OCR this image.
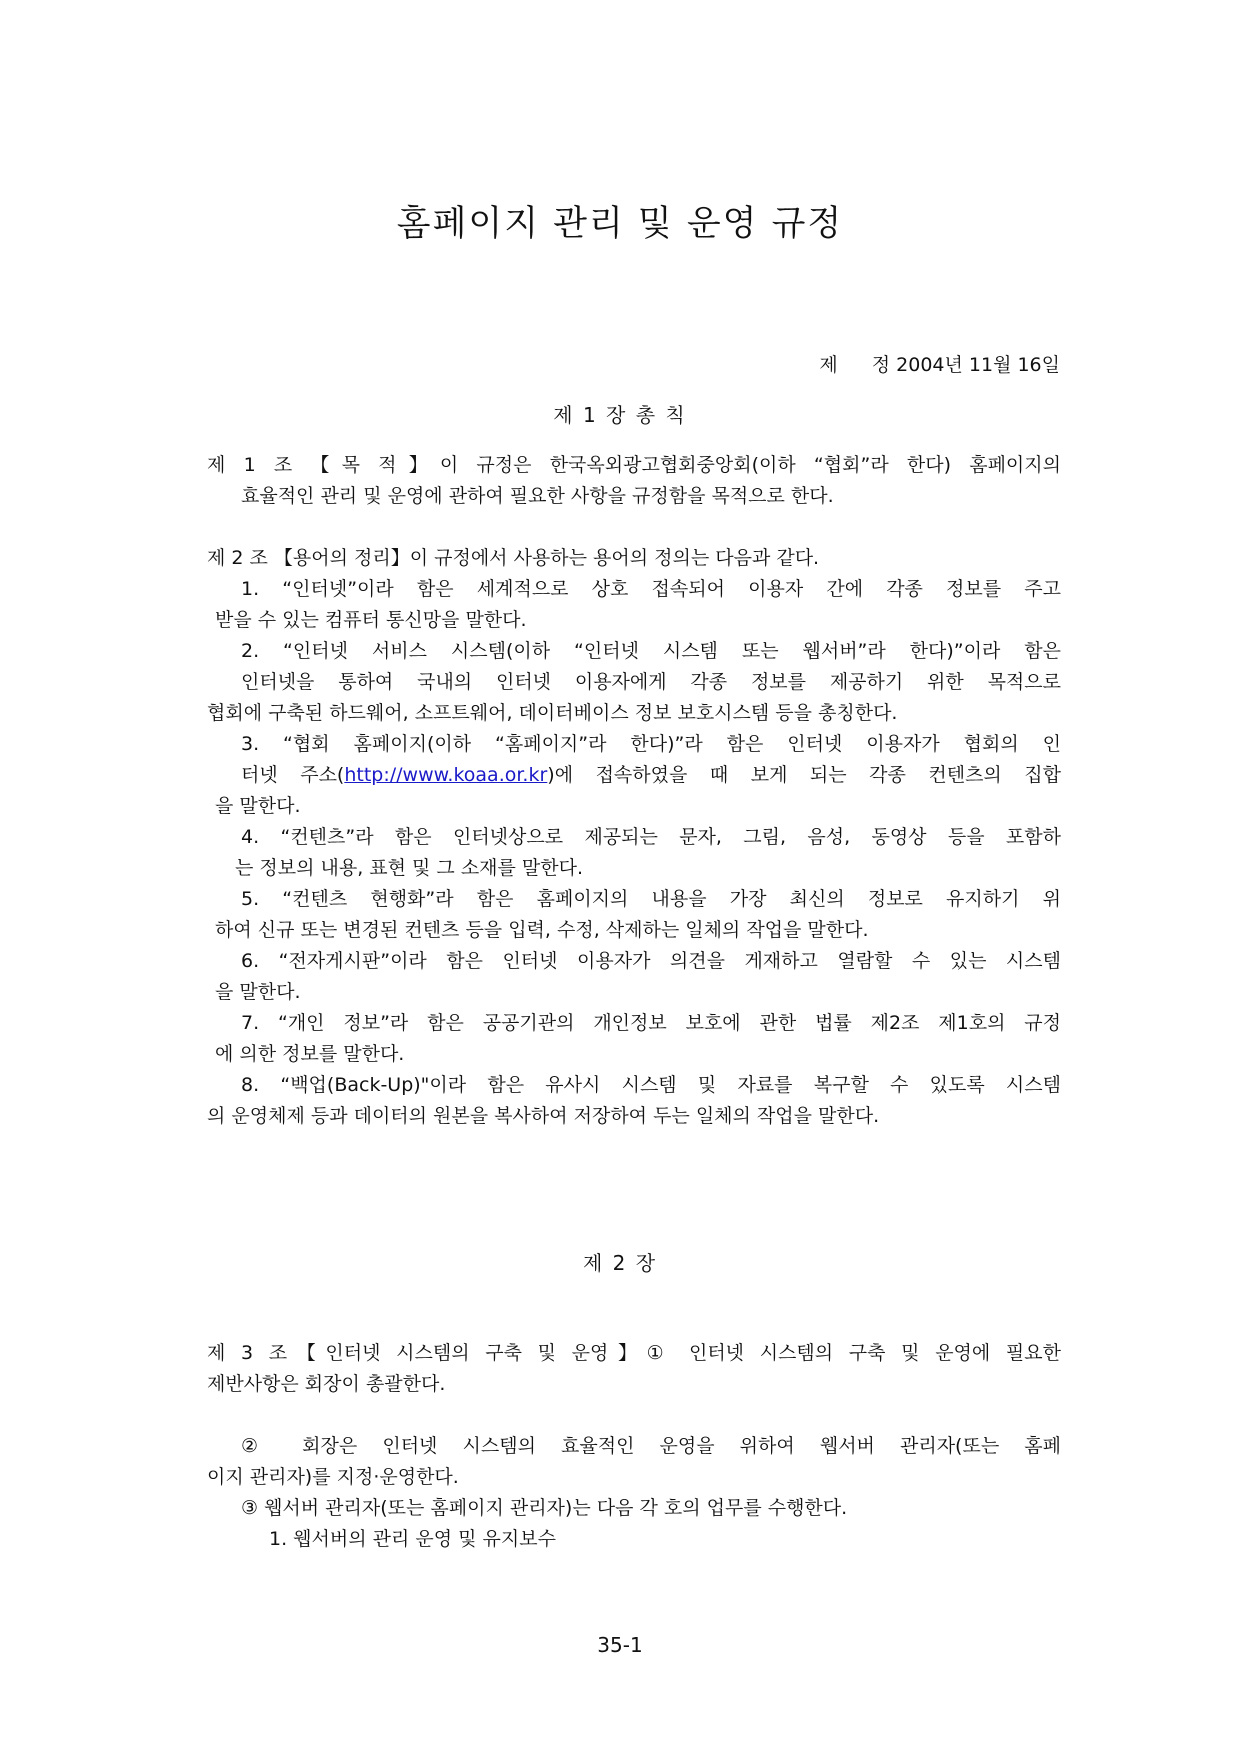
홈페이지 관리 및 운영 규정
제 정 2004년 11월 16일
제 1 장 총 칙
제 1 조 【목 적】이 규정은 한국옥외광고협회중앙회(이하 “협회”라 한다) 홈페이지의
효율적인 관리 및 운영에 관하여 필요한 사항을 규정함을 목적으로 한다.
제 2 조 【용어의 정리】이 규정에서 사용하는 용어의 정의는 다음과 같다.
1. “인터넷”이라 함은 세계적으로 상호 접속되어 이용자 간에 각종 정보를 주고
받을 수 있는 컴퓨터 통신망을 말한다.
2. “인터넷 서비스 시스템(이하 “인터넷 시스템 또는 웹서버”라 한다)”이라 함은
인터넷을 통하여 국내의 인터넷 이용자에게 각종 정보를 제공하기 위한 목적으로
협회에 구축된 하드웨어, 소프트웨어, 데이터베이스 정보 보호시스템 등을 총칭한다.
3. “협회 홈페이지(이하 “홈페이지”라 한다)”라 함은 인터넷 이용자가 협회의 인
터넷 주소(http://www.koaa.or.kr)에 접속하였을 때 보게 되는 각종 컨텐츠의 집합
을 말한다.
4. “컨텐츠”라 함은 인터넷상으로 제공되는 문자, 그림, 음성, 동영상 등을 포함하
는 정보의 내용, 표현 및 그 소재를 말한다.
5. “컨텐츠 현행화”라 함은 홈페이지의 내용을 가장 최신의 정보로 유지하기 위
하여 신규 또는 변경된 컨텐츠 등을 입력, 수정, 삭제하는 일체의 작업을 말한다.
6. “전자게시판”이라 함은 인터넷 이용자가 의견을 게재하고 열람할 수 있는 시스템
을 말한다.
7. “개인 정보”라 함은 공공기관의 개인정보 보호에 관한 법률 제2조 제1호의 규정
에 의한 정보를 말한다.
8. “백업(Back-Up)"이라 함은 유사시 시스템 및 자료를 복구할 수 있도록 시스템
의 운영체제 등과 데이터의 원본을 복사하여 저장하여 두는 일체의 작업을 말한다.
제 2 장
제 3 조【인터넷 시스템의 구축 및 운영】① 인터넷 시스템의 구축 및 운영에 필요한
제반사항은 회장이 총괄한다.
② 회장은 인터넷 시스템의 효율적인 운영을 위하여 웹서버 관리자(또는 홈페
이지 관리자)를 지정·운영한다.
③ 웹서버 관리자(또는 홈페이지 관리자)는 다음 각 호의 업무를 수행한다.
1. 웹서버의 관리 운영 및 유지보수
35-1
